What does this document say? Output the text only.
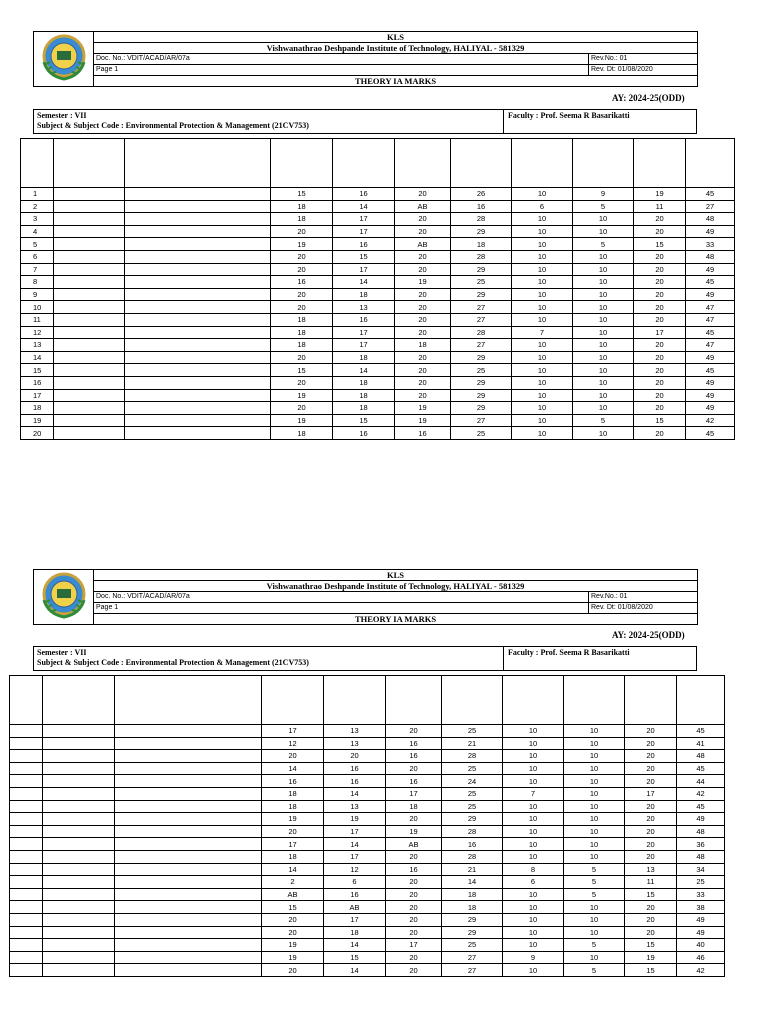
	KLS	
	Vishwanathrao Deshpande Institute of Technology, HALIYAL - 581329	
	Doc. No.: VDIT/ACAD/AR/07a	Rev.No.: 01
	Page 1	Rev. Dt: 01/08/2020
	THEORY IA MARKS	
AY: 2024-25(ODD)
Semester : VII
Subject & Subject Code : Environmental Protection & Management (21CV753)
Faculty : Prof. Seema R Basarikatti

1			15	16	20	26	10	9	19	45
2			18	14	AB	16	6	5	11	27
3			18	17	20	28	10	10	20	48
4			20	17	20	29	10	10	20	49
5			19	16	AB	18	10	5	15	33
6			20	15	20	28	10	10	20	48
7			20	17	20	29	10	10	20	49
8			16	14	19	25	10	10	20	45
9			20	18	20	29	10	10	20	49
10			20	13	20	27	10	10	20	47
11			18	16	20	27	10	10	20	47
12			18	17	20	28	7	10	17	45
13			18	17	18	27	10	10	20	47
14			20	18	20	29	10	10	20	49
15			15	14	20	25	10	10	20	45
16			20	18	20	29	10	10	20	49
17			19	18	20	29	10	10	20	49
18			20	18	19	29	10	10	20	49
19			19	15	19	27	10	5	15	42
20			18	16	16	25	10	10	20	45
	KLS	
	Vishwanathrao Deshpande Institute of Technology, HALIYAL - 581329	
	Doc. No.: VDIT/ACAD/AR/07a	Rev.No.: 01
	Page 1	Rev. Dt: 01/08/2020
	THEORY IA MARKS	
AY: 2024-25(ODD)
Semester : VII
Subject & Subject Code : Environmental Protection & Management (21CV753)
Faculty : Prof. Seema R Basarikatti

			17	13	20	25	10	10	20	45
			12	13	16	21	10	10	20	41
			20	20	16	28	10	10	20	48
			14	16	20	25	10	10	20	45
			16	16	16	24	10	10	20	44
			18	14	17	25	7	10	17	42
			18	13	18	25	10	10	20	45
			19	19	20	29	10	10	20	49
			20	17	19	28	10	10	20	48
			17	14	AB	16	10	10	20	36
			18	17	20	28	10	10	20	48
			14	12	16	21	8	5	13	34
			2	6	20	14	6	5	11	25
			AB	16	20	18	10	5	15	33
			15	AB	20	18	10	10	20	38
			20	17	20	29	10	10	20	49
			20	18	20	29	10	10	20	49
			19	14	17	25	10	5	15	40
			19	15	20	27	9	10	19	46
			20	14	20	27	10	5	15	42
